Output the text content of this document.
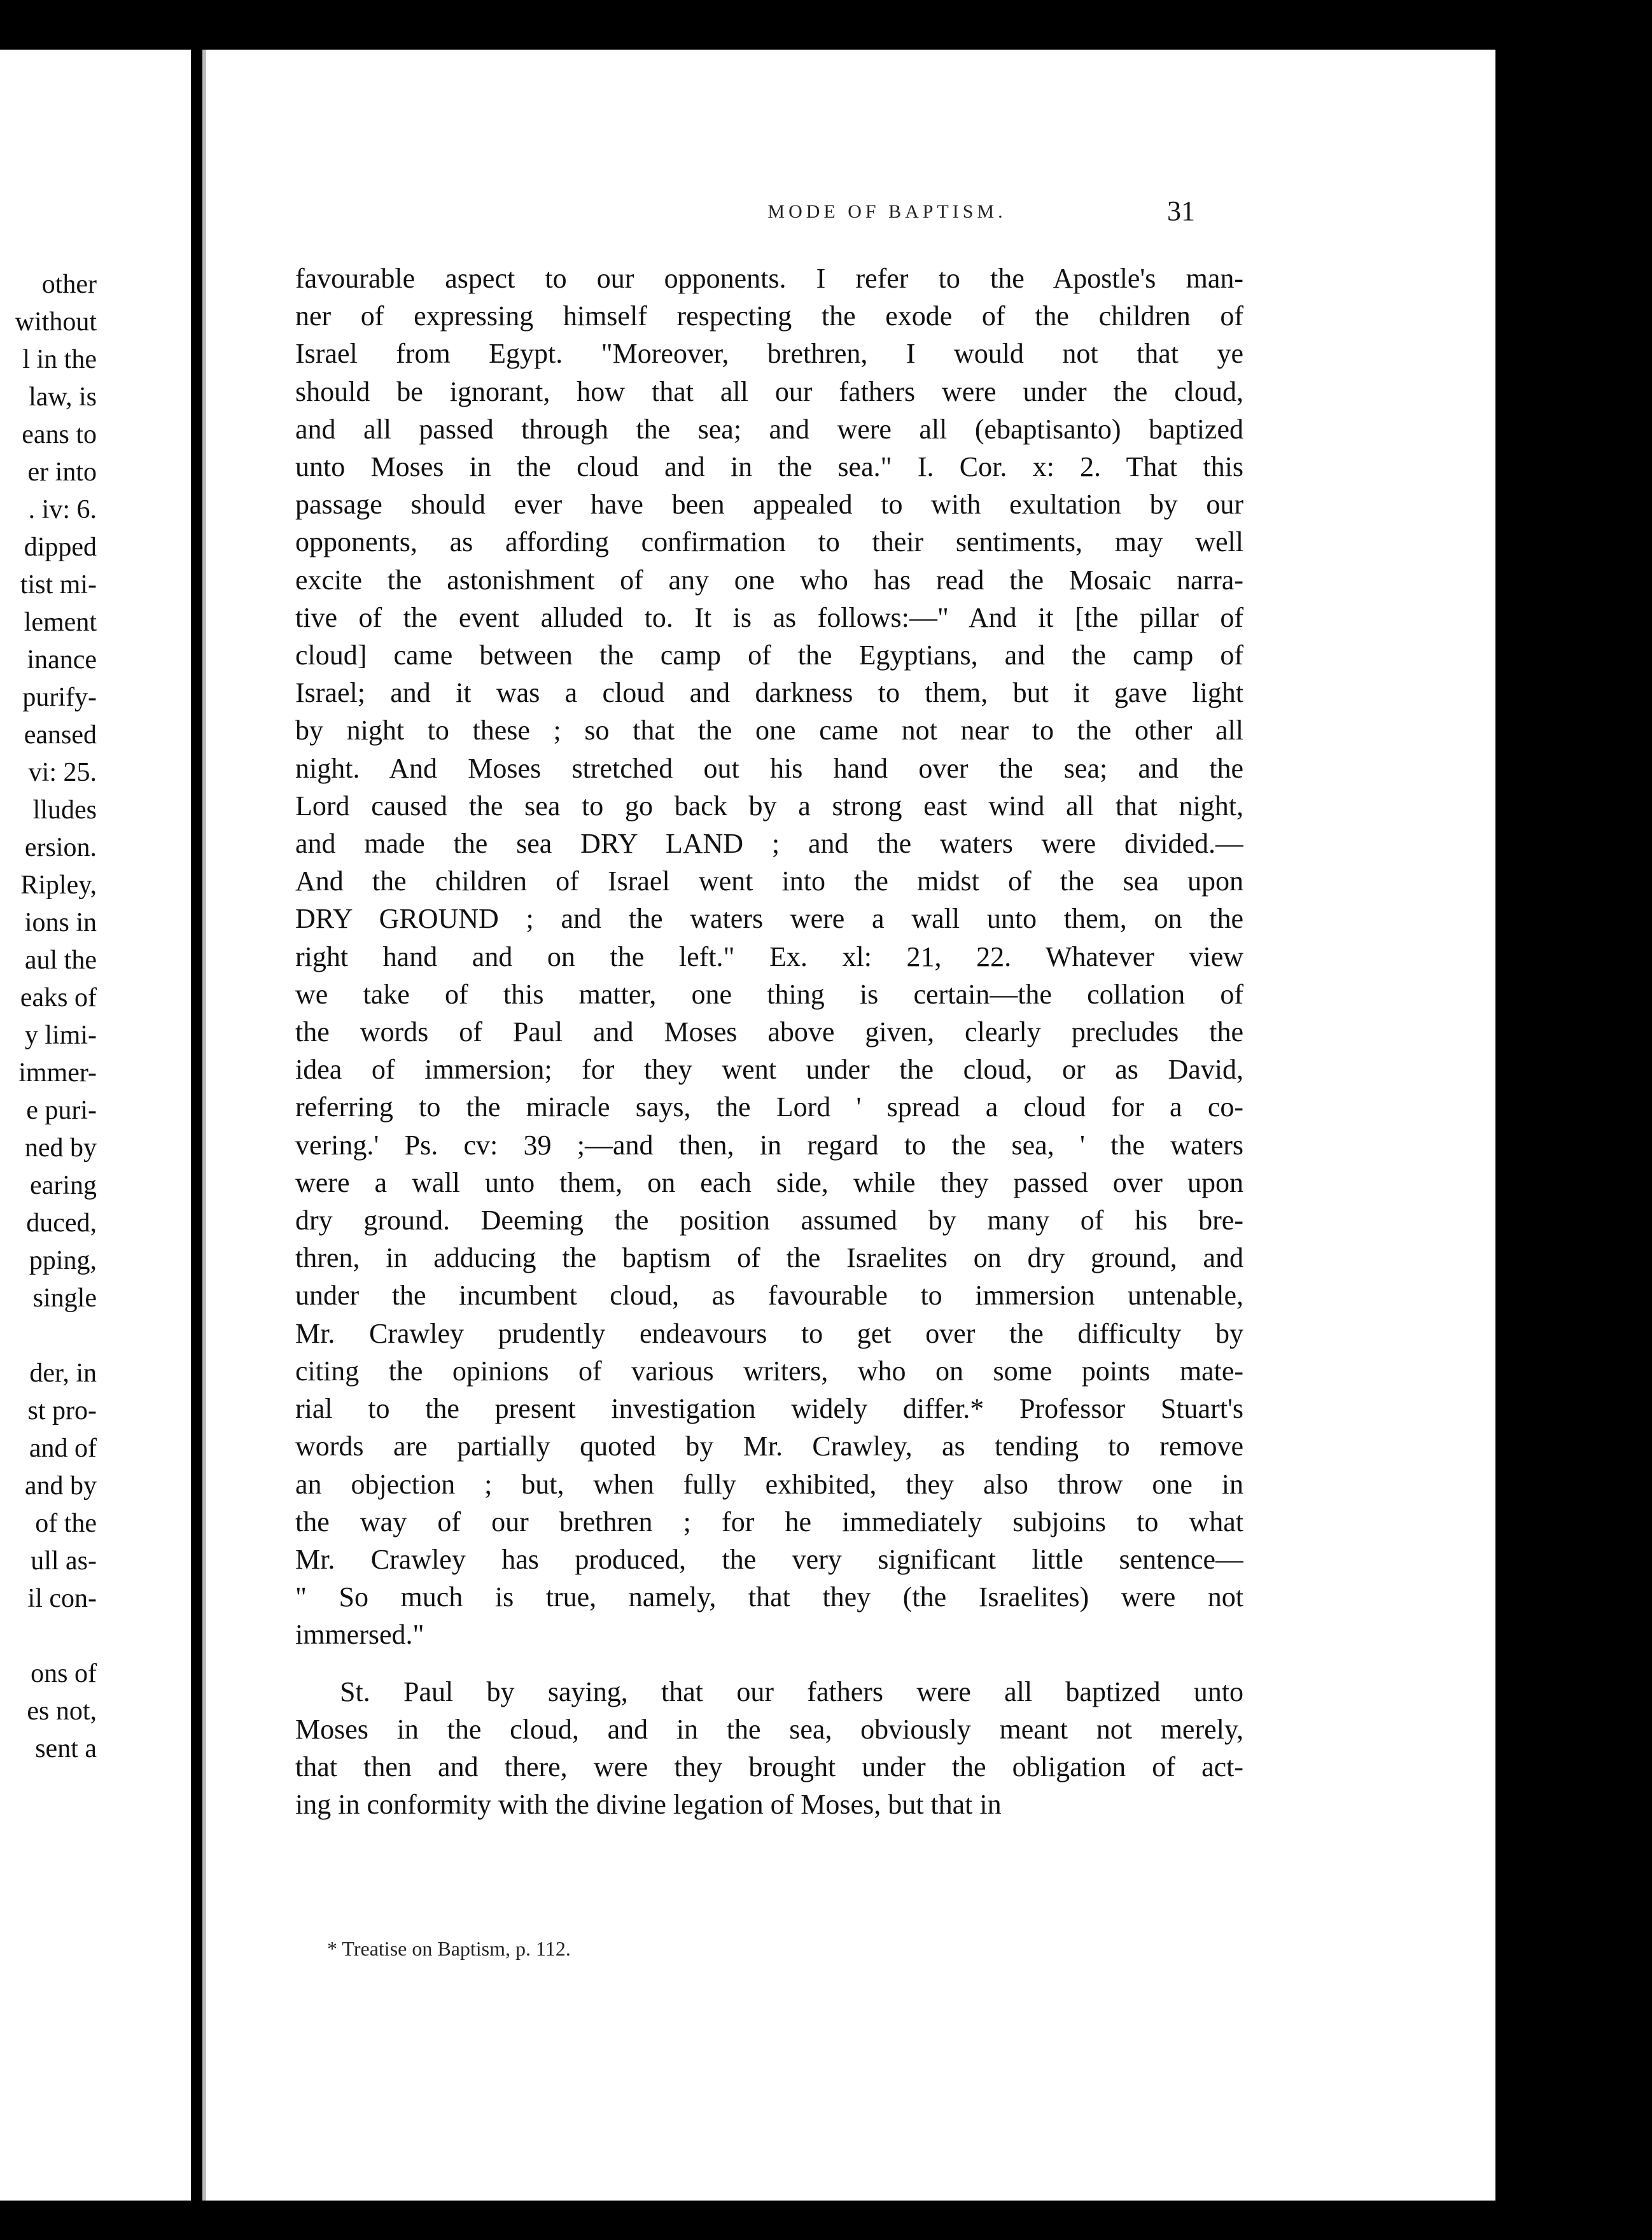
other
without
l in the
law, is
eans to
er into
. iv: 6.
dipped
tist mi-
lement
inance
purify-
eansed
vi: 25.
lludes
ersion.
Ripley,
ions in
aul the
eaks of
y limi-
immer-
e puri-
ned by
earing
duced,
pping,
single
der, in
st pro-
and of
and by
of the
ull as-
il con-
ons of
es not,
sent a
MODE OF BAPTISM.	31
favourable aspect to our opponents. I refer to the Apostle's man-
ner of expressing himself respecting the exode of the children of
Israel from Egypt. "Moreover, brethren, I would not that ye
should be ignorant, how that all our fathers were under the cloud,
and all passed through the sea; and were all (ebaptisanto) baptized
unto Moses in the cloud and in the sea." I. Cor. x: 2. That this
passage should ever have been appealed to with exultation by our
opponents, as affording confirmation to their sentiments, may well
excite the astonishment of any one who has read the Mosaic narra-
tive of the event alluded to. It is as follows:—" And it [the pillar of
cloud] came between the camp of the Egyptians, and the camp of
Israel; and it was a cloud and darkness to them, but it gave light
by night to these ; so that the one came not near to the other all
night. And Moses stretched out his hand over the sea; and the
Lord caused the sea to go back by a strong east wind all that night,
and made the sea DRY LAND ; and the waters were divided.—
And the children of Israel went into the midst of the sea upon
DRY GROUND ; and the waters were a wall unto them, on the
right hand and on the left." Ex. xl: 21, 22. Whatever view
we take of this matter, one thing is certain—the collation of
the words of Paul and Moses above given, clearly precludes the
idea of immersion; for they went under the cloud, or as David,
referring to the miracle says, the Lord ' spread a cloud for a co-
vering.' Ps. cv: 39 ;—and then, in regard to the sea, ' the waters
were a wall unto them, on each side, while they passed over upon
dry ground. Deeming the position assumed by many of his bre-
thren, in adducing the baptism of the Israelites on dry ground, and
under the incumbent cloud, as favourable to immersion untenable,
Mr. Crawley prudently endeavours to get over the difficulty by
citing the opinions of various writers, who on some points mate-
rial to the present investigation widely differ.* Professor Stuart's
words are partially quoted by Mr. Crawley, as tending to remove
an objection ; but, when fully exhibited, they also throw one in
the way of our brethren ; for he immediately subjoins to what
Mr. Crawley has produced, the very significant little sentence—
" So much is true, namely, that they (the Israelites) were not
immersed."
St. Paul by saying, that our fathers were all baptized unto
Moses in the cloud, and in the sea, obviously meant not merely,
that then and there, were they brought under the obligation of act-
ing in conformity with the divine legation of Moses, but that in
* Treatise on Baptism, p. 112.
